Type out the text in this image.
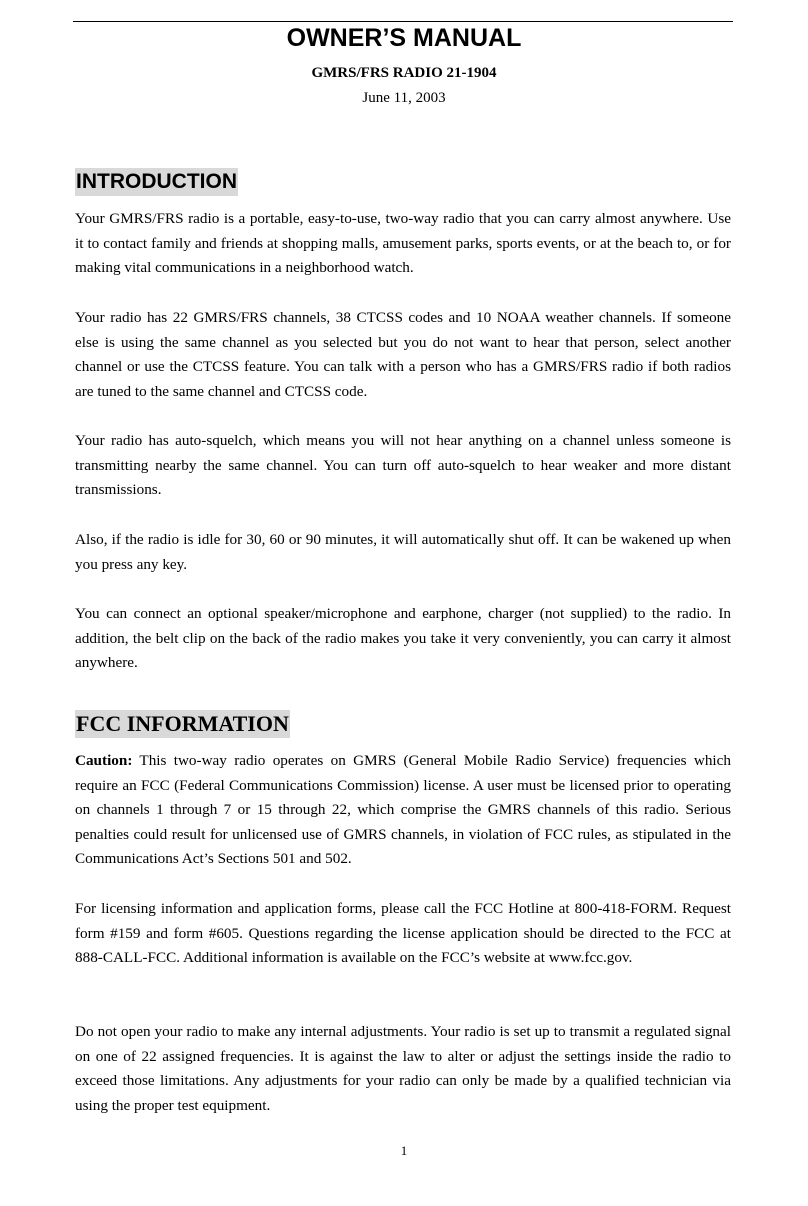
OWNER’S MANUAL
GMRS/FRS RADIO 21-1904
June 11, 2003
INTRODUCTION

Your GMRS/FRS radio is a portable, easy-to-use, two-way radio that you can carry almost anywhere. Use it to contact family and friends at shopping malls, amusement parks, sports events, or at the beach to, or for making vital communications in a neighborhood watch.

Your radio has 22 GMRS/FRS channels, 38 CTCSS codes and 10 NOAA weather channels. If someone else is using the same channel as you selected but you do not want to hear that person, select another channel or use the CTCSS feature. You can talk with a person who has a GMRS/FRS radio if both radios are tuned to the same channel and CTCSS code.

Your radio has auto-squelch, which means you will not hear anything on a channel unless someone is transmitting nearby the same channel. You can turn off auto-squelch to hear weaker and more distant transmissions.

Also, if the radio is idle for 30, 60 or 90 minutes, it will automatically shut off. It can be wakened up when you press any key.

You can connect an optional speaker/microphone and earphone, charger (not supplied) to the radio. In addition, the belt clip on the back of the radio makes you take it very conveniently, you can carry it almost anywhere.

FCC INFORMATION

Caution: This two-way radio operates on GMRS (General Mobile Radio Service) frequencies which require an FCC (Federal Communications Commission) license. A user must be licensed prior to operating on channels 1 through 7 or 15 through 22, which comprise the GMRS channels of this radio. Serious penalties could result for unlicensed use of GMRS channels, in violation of FCC rules, as stipulated in the Communications Act’s Sections 501 and 502.

For licensing information and application forms, please call the FCC Hotline at 800-418-FORM. Request form #159 and form #605. Questions regarding the license application should be directed to the FCC at 888-CALL-FCC. Additional information is available on the FCC’s website at www.fcc.gov.

Do not open your radio to make any internal adjustments. Your radio is set up to transmit a regulated signal on one of 22 assigned frequencies. It is against the law to alter or adjust the settings inside the radio to exceed those limitations. Any adjustments for your radio can only be made by a qualified technician via using the proper test equipment.

1
